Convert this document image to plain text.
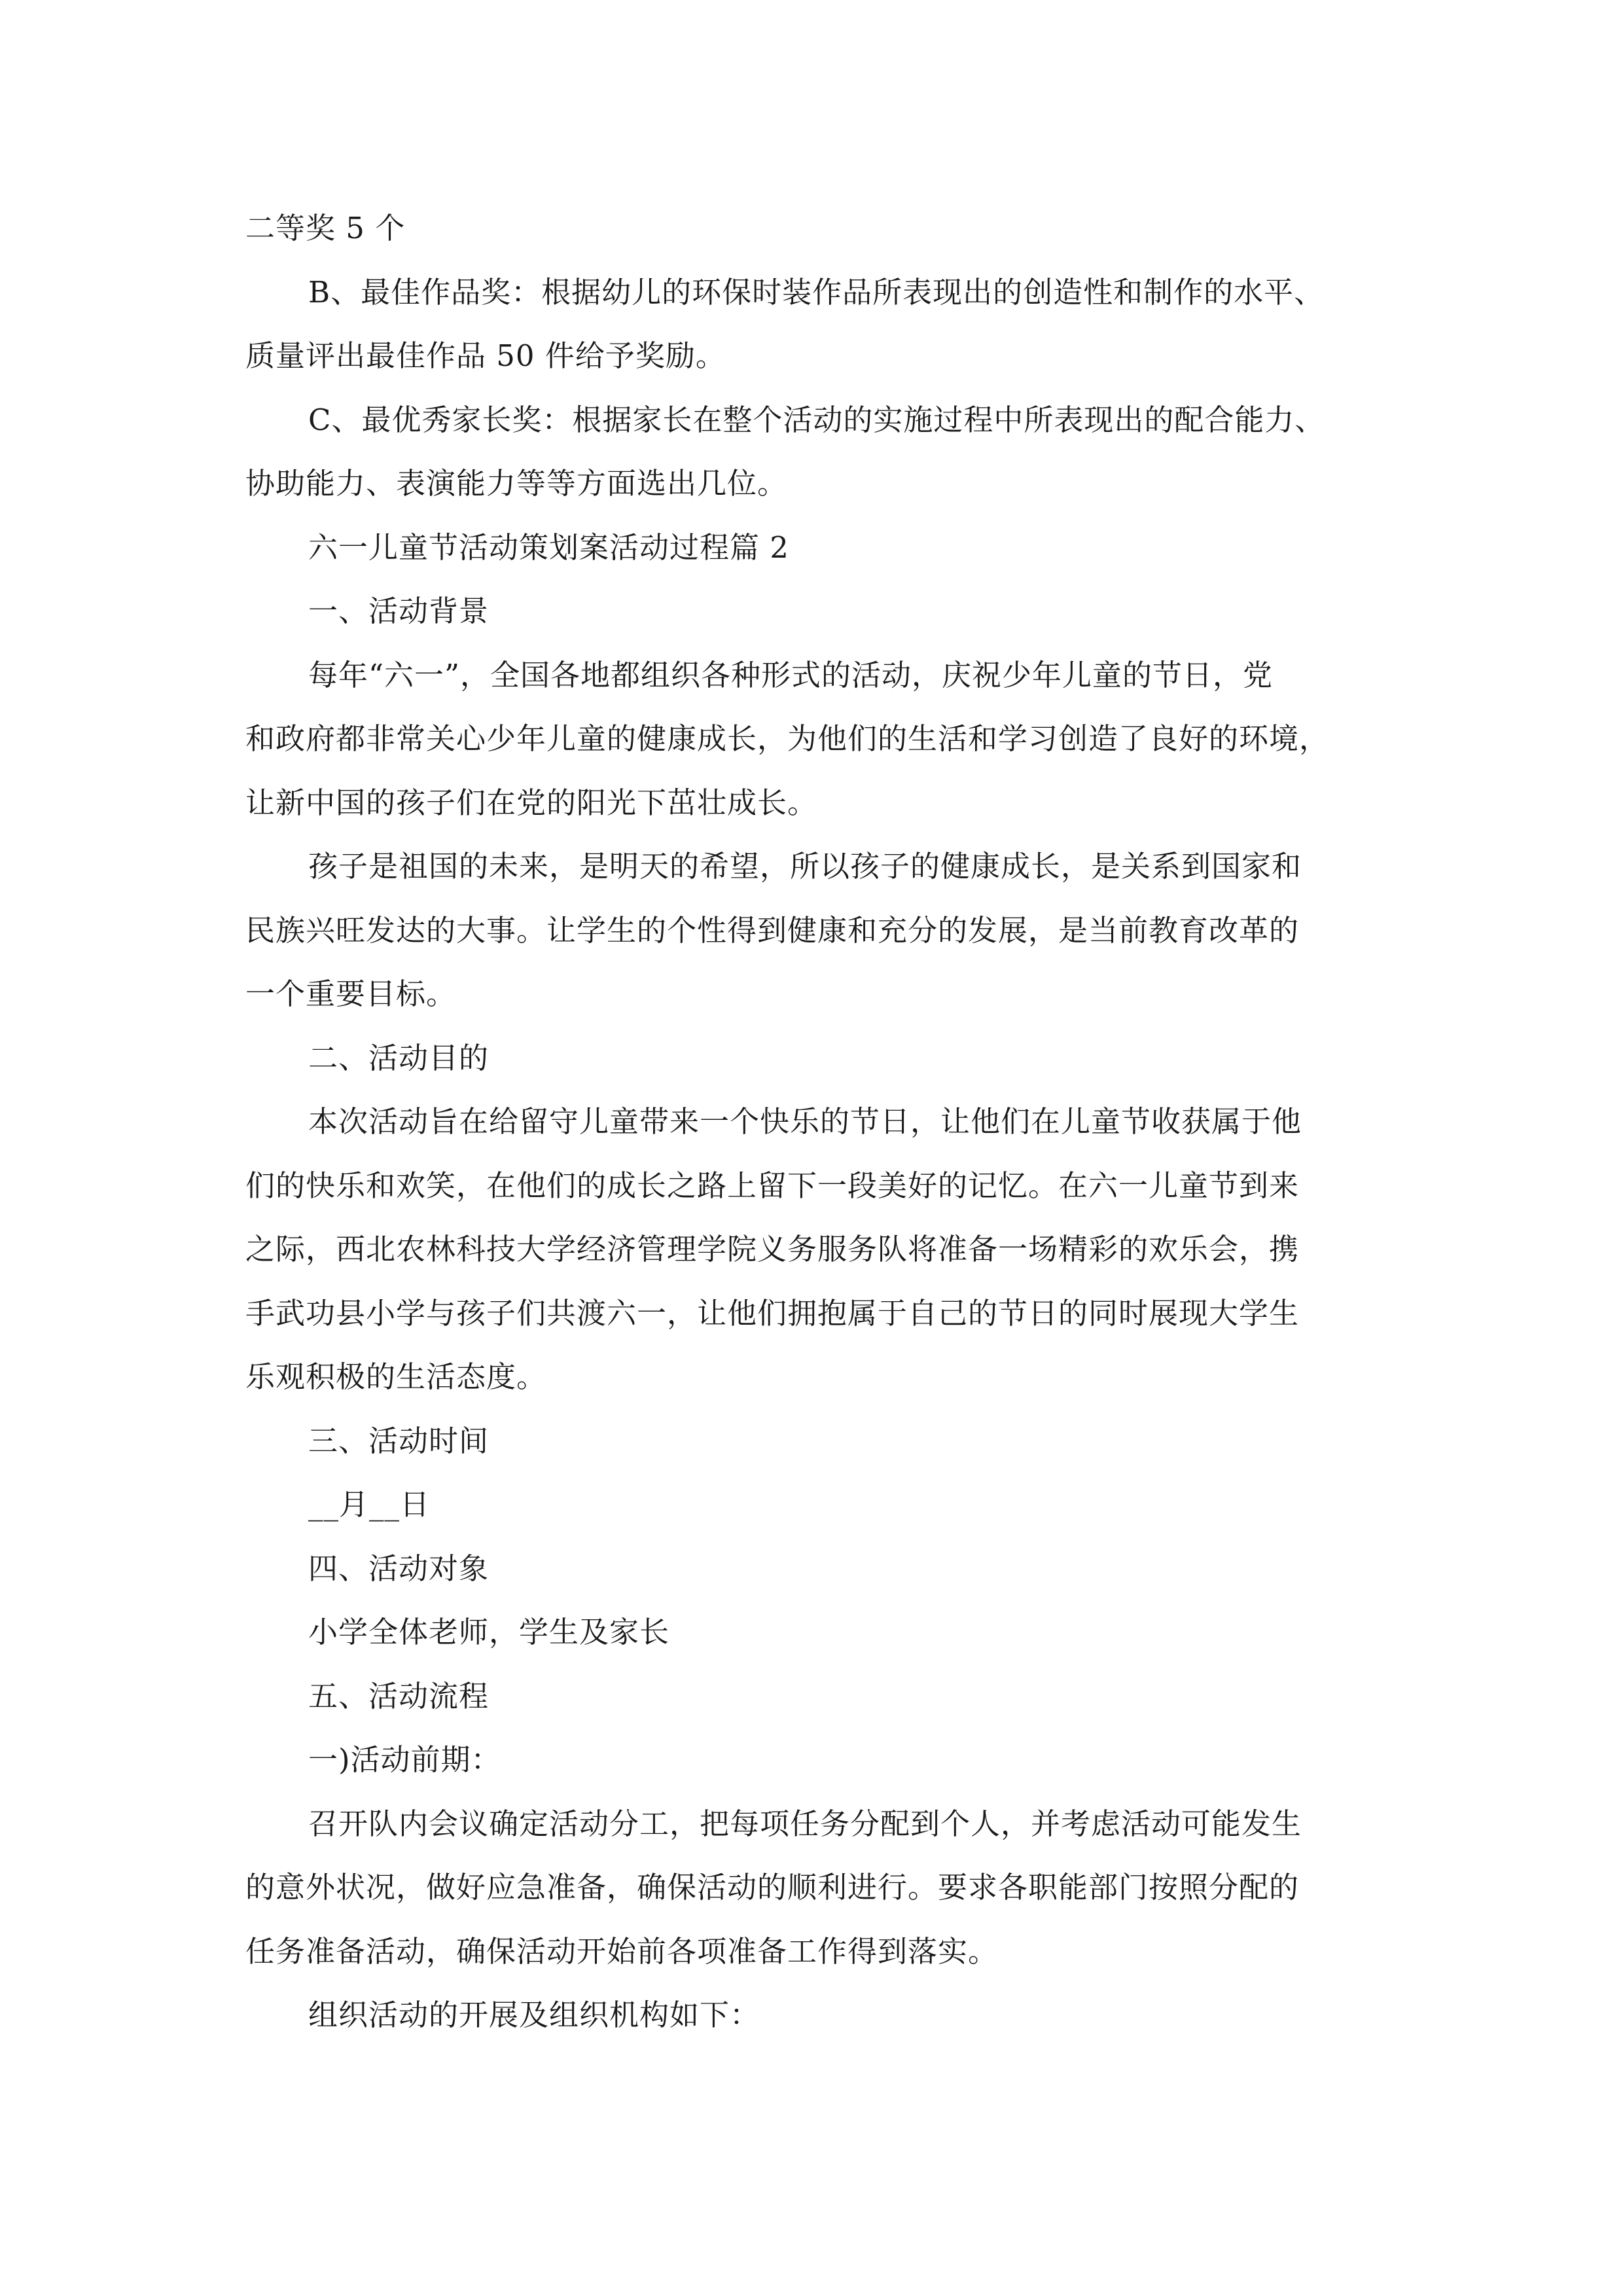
二等奖 5 个
B、最佳作品奖：根据幼儿的环保时装作品所表现出的创造性和制作的水平、
质量评出最佳作品 50 件给予奖励。
C、最优秀家长奖：根据家长在整个活动的实施过程中所表现出的配合能力、
协助能力、表演能力等等方面选出几位。
六一儿童节活动策划案活动过程篇 2
一、活动背景
每年“六一”，全国各地都组织各种形式的活动，庆祝少年儿童的节日，党
和政府都非常关心少年儿童的健康成长，为他们的生活和学习创造了良好的环境，
让新中国的孩子们在党的阳光下茁壮成长。
孩子是祖国的未来，是明天的希望，所以孩子的健康成长，是关系到国家和
民族兴旺发达的大事。让学生的个性得到健康和充分的发展，是当前教育改革的
一个重要目标。
二、活动目的
本次活动旨在给留守儿童带来一个快乐的节日，让他们在儿童节收获属于他
们的快乐和欢笑，在他们的成长之路上留下一段美好的记忆。在六一儿童节到来
之际，西北农林科技大学经济管理学院义务服务队将准备一场精彩的欢乐会，携
手武功县小学与孩子们共渡六一，让他们拥抱属于自己的节日的同时展现大学生
乐观积极的生活态度。
三、活动时间
__月__日
四、活动对象
小学全体老师，学生及家长
五、活动流程
一)活动前期：
召开队内会议确定活动分工，把每项任务分配到个人，并考虑活动可能发生
的意外状况，做好应急准备，确保活动的顺利进行。要求各职能部门按照分配的
任务准备活动，确保活动开始前各项准备工作得到落实。
组织活动的开展及组织机构如下：
